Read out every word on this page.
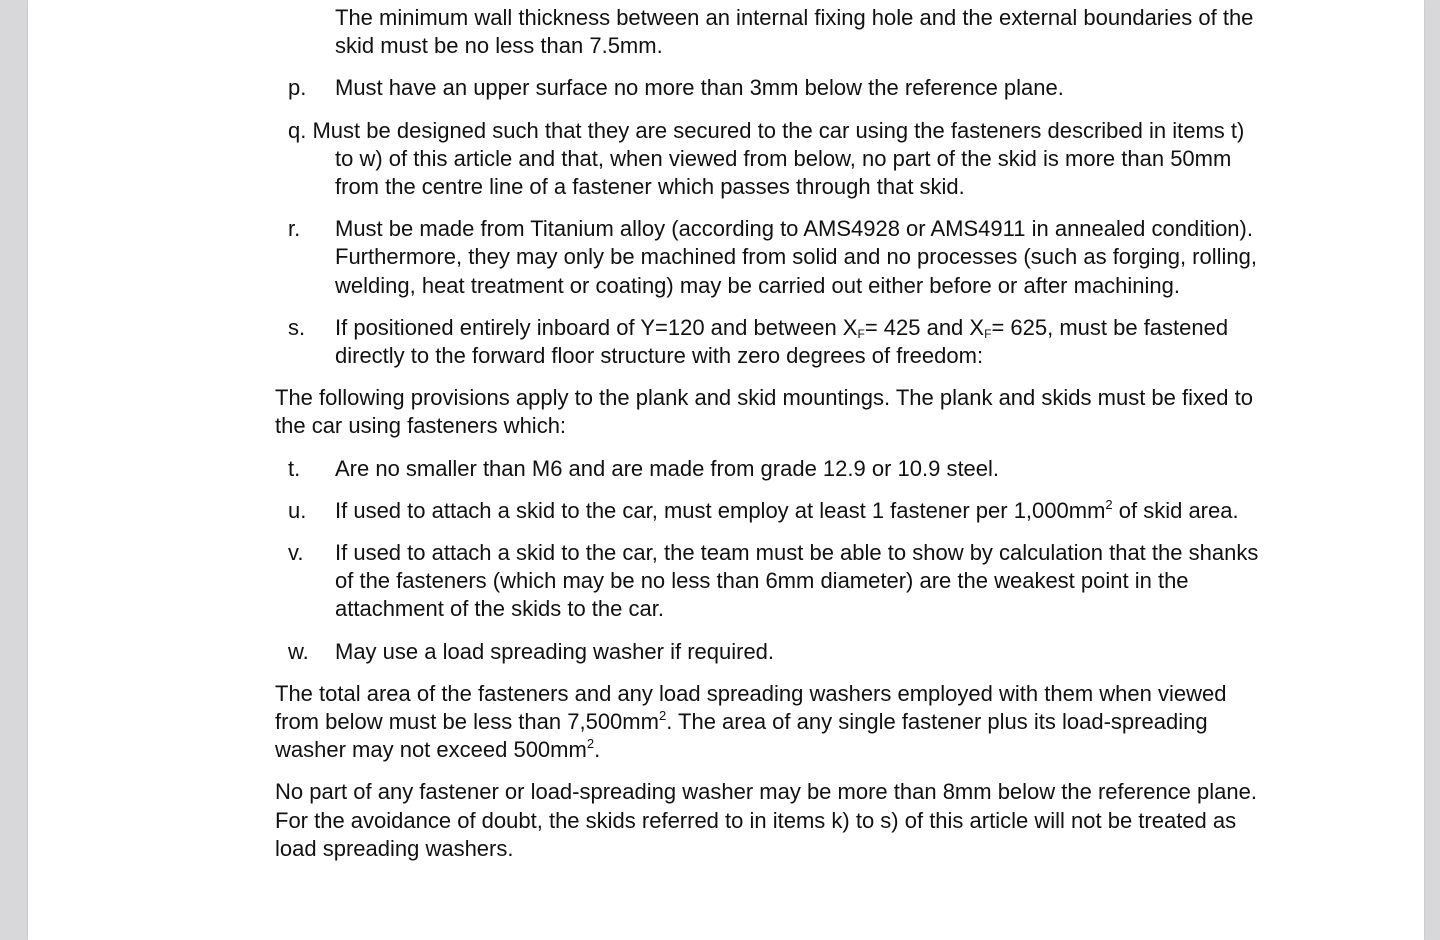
The minimum wall thickness between an internal fixing hole and the external boundaries of the skid must be no less than 7.5mm.
p. Must have an upper surface no more than 3mm below the reference plane.
q. Must be designed such that they are secured to the car using the fasteners described in items t) to w) of this article and that, when viewed from below, no part of the skid is more than 50mm from the centre line of a fastener which passes through that skid.
r. Must be made from Titanium alloy (according to AMS4928 or AMS4911 in annealed condition). Furthermore, they may only be machined from solid and no processes (such as forging, rolling, welding, heat treatment or coating) may be carried out either before or after machining.
s. If positioned entirely inboard of Y=120 and between $X_F= 425$ and $X_F= 625$, must be fastened directly to the forward floor structure with zero degrees of freedom:
The following provisions apply to the plank and skid mountings. The plank and skids must be fixed to the car using fasteners which:
t. Are no smaller than M6 and are made from grade 12.9 or 10.9 steel.
u. If used to attach a skid to the car, must employ at least 1 fastener per $1,000mm^2$ of skid area.
v. If used to attach a skid to the car, the team must be able to show by calculation that the shanks of the fasteners (which may be no less than 6mm diameter) are the weakest point in the attachment of the skids to the car.
w. May use a load spreading washer if required.
The total area of the fasteners and any load spreading washers employed with them when viewed from below must be less than $7,500mm^2$. The area of any single fastener plus its load-spreading washer may not exceed $500mm^2$.
No part of any fastener or load-spreading washer may be more than 8mm below the reference plane. For the avoidance of doubt, the skids referred to in items k) to s) of this article will not be treated as load spreading washers.
